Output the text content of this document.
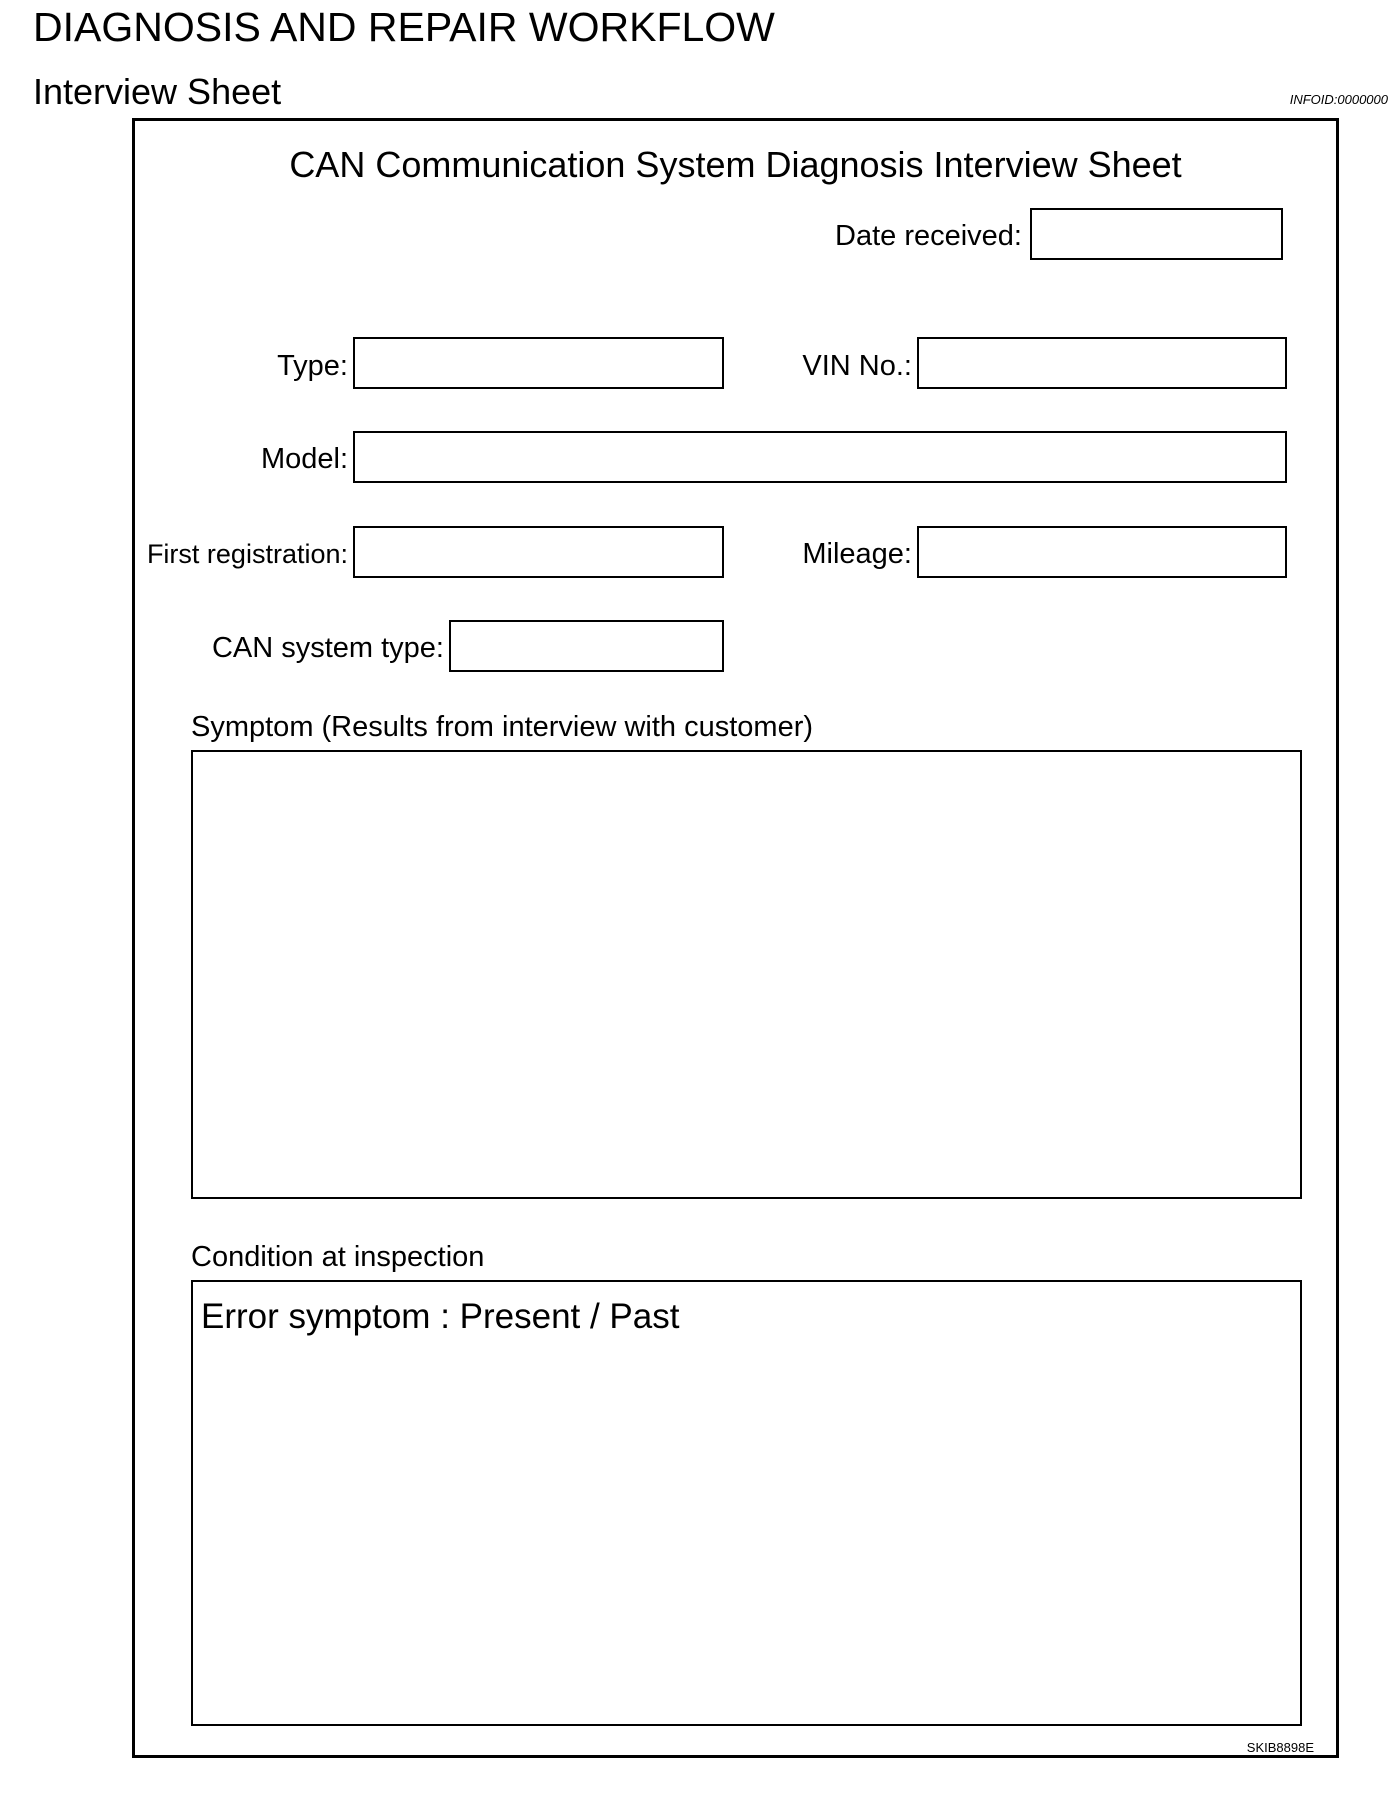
DIAGNOSIS AND REPAIR WORKFLOW
Interview Sheet	INFOID:0000000
CAN Communication System Diagnosis Interview Sheet
Date received:
Type:	VIN No.:
Model:
First registration:	Mileage:
CAN system type:
Symptom (Results from interview with customer)
Condition at inspection
Error symptom : Present / Past
SKIB8898E
